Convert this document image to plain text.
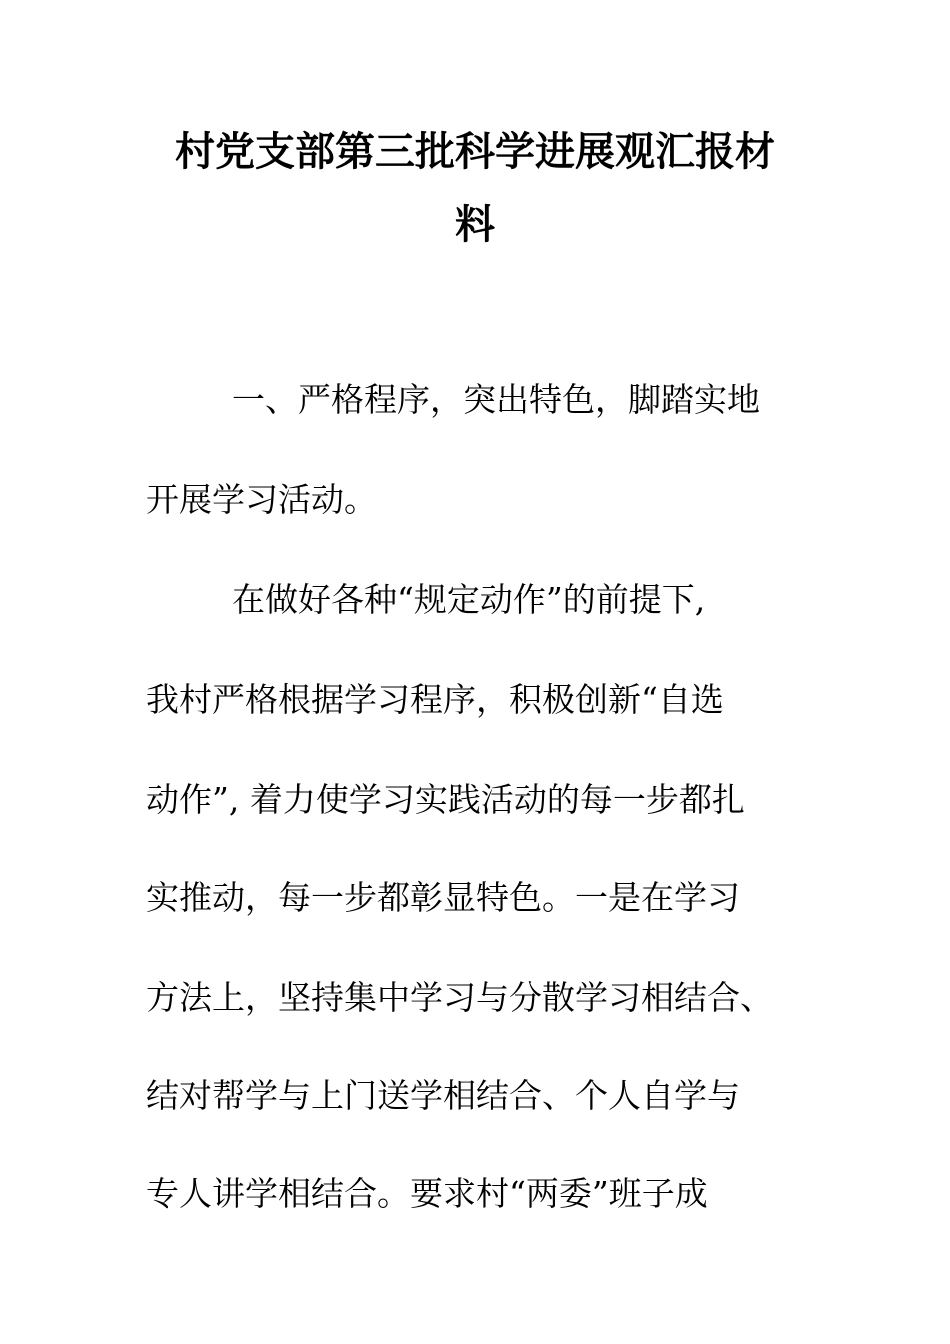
村党支部第三批科学进展观汇报材
料
一、严格程序，突出特色，脚踏实地
开展学习活动。
在做好各种“规定动作”的前提下,
我村严格根据学习程序，积极创新“自选
动作”, 着力使学习实践活动的每一步都扎
实推动，每一步都彰显特色。一是在学习
方法上，坚持集中学习与分散学习相结合、
结对帮学与上门送学相结合、个人自学与
专人讲学相结合。要求村“两委”班子成
